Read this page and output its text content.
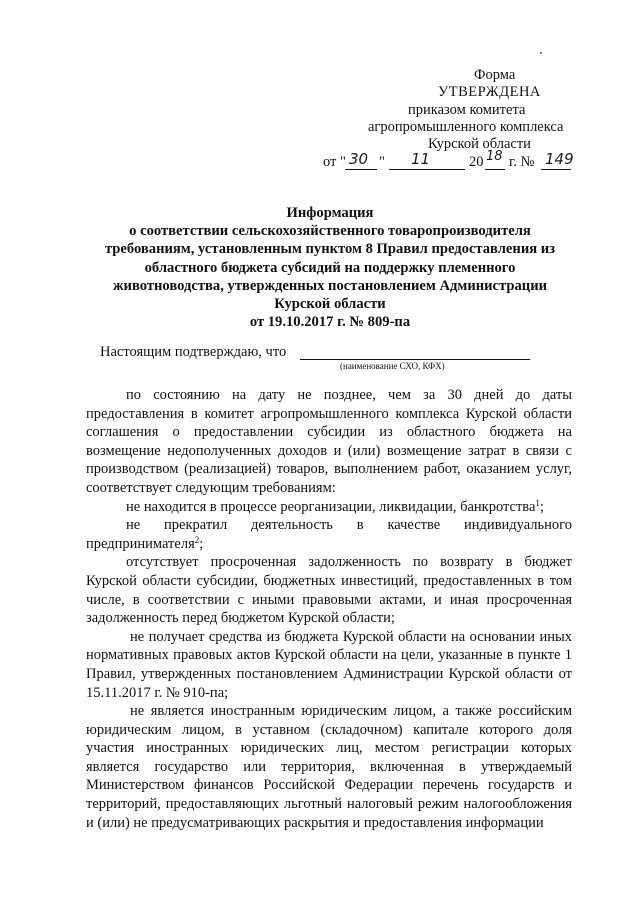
Форма
УТВЕРЖДЕНА
приказом комитета
агропромышленного комплекса
Курской области
от " 30 " 11	20 18 г. № 149
Информация
о соответствии сельскохозяйственного товаропроизводителя
требованиям, установленным пунктом 8 Правил предоставления из
областного бюджета субсидий на поддержку племенного
животноводства, утвержденных постановлением Администрации
Курской области
от 19.10.2017 г. № 809-па
Настоящим подтверждаю, что
(наименование СХО, КФХ)

по состоянию на дату не позднее, чем за 30 дней до даты предоставления в комитет агропромышленного комплекса Курской области соглашения о предоставлении субсидии из областного бюджета на возмещение недополученных доходов и (или) возмещение затрат в связи с производством (реализацией) товаров, выполнением работ, оказанием услуг, соответствует следующим требованиям:

не находится в процессе реорганизации, ликвидации, банкротства$^1$;

не прекратил деятельность в качестве индивидуального предпринимателя$^2$;

отсутствует просроченная задолженность по возврату в бюджет Курской области субсидии, бюджетных инвестиций, предоставленных в том числе, в соответствии с иными правовыми актами, и иная просроченная задолженность перед бюджетом Курской области;

не получает средства из бюджета Курской области на основании иных нормативных правовых актов Курской области на цели, указанные в пункте 1 Правил, утвержденных постановлением Администрации Курской области от 15.11.2017 г. № 910-па;

не является иностранным юридическим лицом, а также российским юридическим лицом, в уставном (складочном) капитале которого доля участия иностранных юридических лиц, местом регистрации которых является государство или территория, включенная в утверждаемый Министерством финансов Российской Федерации перечень государств и территорий, предоставляющих льготный налоговый режим налогообложения и (или) не предусматривающих раскрытия и предоставления информации
